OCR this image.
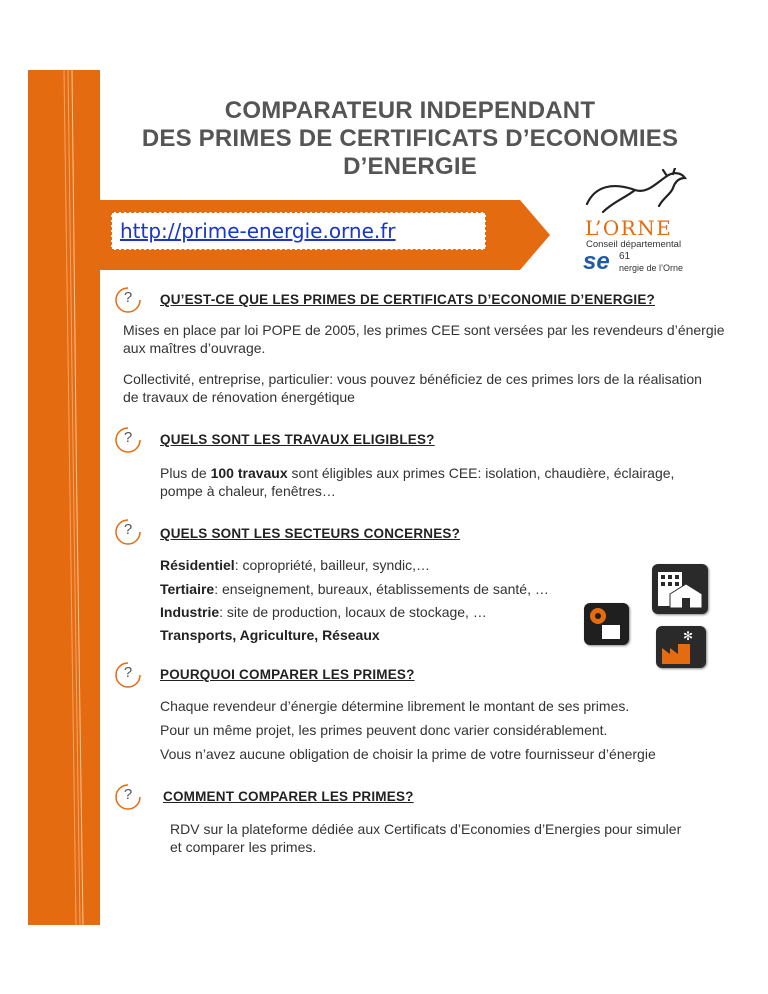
COMPARATEUR INDEPENDANT
DES PRIMES DE CERTIFICATS D’ECONOMIES
D’ENERGIE
http://prime-energie.orne.fr	L’ORNE
Conseil départemental
se 61
nergie de l’Orne
?	QU’EST-CE QUE LES PRIMES DE CERTIFICATS D’ECONOMIE D’ENERGIE?
Mises en place par loi POPE de 2005, les primes CEE sont versées par les revendeurs d’énergie aux maîtres d’ouvrage.
Collectivité, entreprise, particulier: vous pouvez bénéficiez de ces primes lors de la réalisation de travaux de rénovation énergétique
?	QUELS SONT LES TRAVAUX ELIGIBLES?
Plus de 100 travaux sont éligibles aux primes CEE: isolation, chaudière, éclairage, pompe à chaleur, fenêtres…
?	QUELS SONT LES SECTEURS CONCERNES?
Résidentiel: copropriété, bailleur, syndic,…
Tertiaire: enseignement, bureaux, établissements de santé, …
Industrie: site de production, locaux de stockage, …
Transports, Agriculture, Réseaux	✻
?	POURQUOI COMPARER LES PRIMES?
Chaque revendeur d’énergie détermine librement le montant de ses primes.
Pour un même projet, les primes peuvent donc varier considérablement.
Vous n’avez aucune obligation de choisir la prime de votre fournisseur d’énergie
?	COMMENT COMPARER LES PRIMES?
RDV sur la plateforme dédiée aux Certificats d’Economies d’Energies pour simuler et comparer les primes.
